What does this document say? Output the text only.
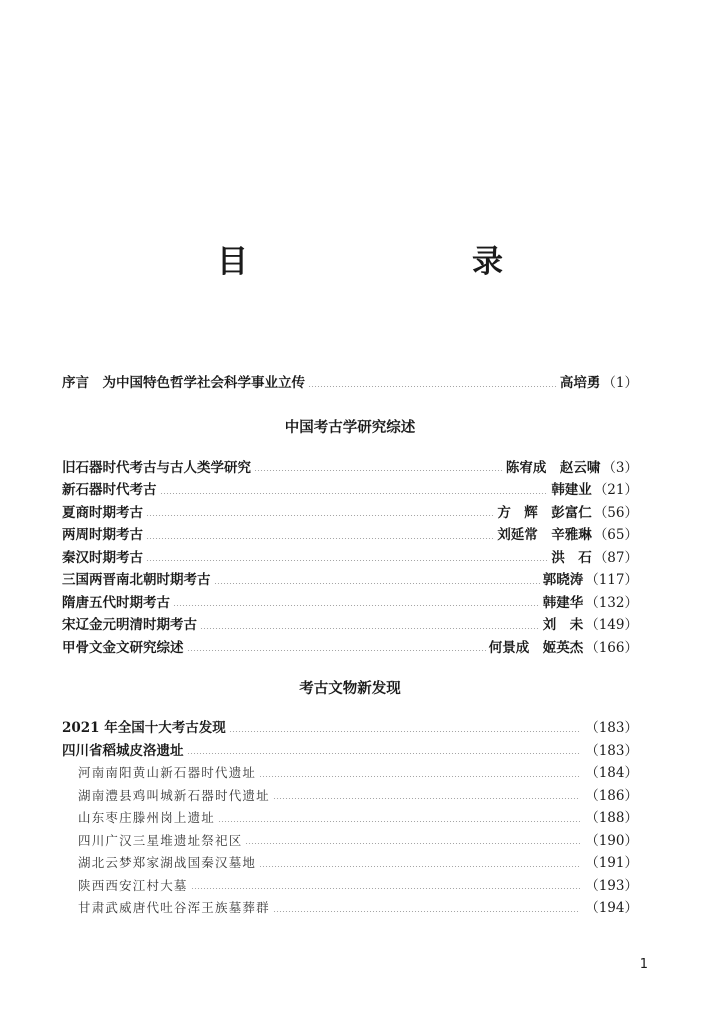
目　　录
序言　为中国特色哲学社会科学事业立传	高培勇 （1）
中国考古学研究综述
旧石器时代考古与古人类学研究	陈宥成　赵云啸 （3）
新石器时代考古	韩建业 （21）
夏商时期考古	方　辉　彭富仁 （56）
两周时期考古	刘延常　辛雅琳 （65）
秦汉时期考古	洪　石 （87）
三国两晋南北朝时期考古	郭晓涛 （117）
隋唐五代时期考古	韩建华 （132）
宋辽金元明清时期考古	刘　未 （149）
甲骨文金文研究综述	何景成　姬英杰 （166）
考古文物新发现
2021 年全国十大考古发现	（183）
四川省稻城皮洛遗址	（183）
河南南阳黄山新石器时代遗址	（184）
湖南澧县鸡叫城新石器时代遗址	（186）
山东枣庄滕州岗上遗址	（188）
四川广汉三星堆遗址祭祀区	（190）
湖北云梦郑家湖战国秦汉墓地	（191）
陕西西安江村大墓	（193）
甘肃武威唐代吐谷浑王族墓葬群	（194）
1
